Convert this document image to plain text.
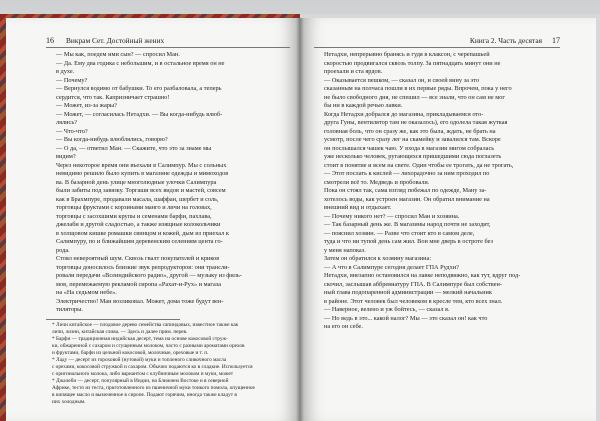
16	Викрам Сет. Достойный жених

— Мы как, поедем ими сын? — спросил Ман.

— Да. Ему два годика с небольшим, и в остальное время он не

в духе.

— Почему?

— Вернулся водимо от бабушки. То его разбаловала, а теперь

сердится, что так. Капризничает страшно!

— Может, из-за жары?

— Может, — согласилась Нетадхи. — Вы когда-нибудь влюб-

лялись?

— Что-что?

— Вы когда-нибудь влюблялись, говорю?

— О да, — ответил Ман. — Скажите, что это за знаме мы

видим?

Через некоторое время они въехали в Салимпур. Мы с сольных

невидимо решило было купить в магазине одежды и мимоходов

ва. В базарной день улице многолюдные улочки Салимпура

были забиты под завязку. Торгаши всех видов и мастей, совсем

как в Брахмпуре, продавали масала, шаффан, шербет и соль,

торговцы фруктами с корзинами манго и личи на головах,

торговцы с засохшими крупы и семенами барфи, пахлава,

джелаби и другой сладостью, а также изящные колокольчики

в холщовом кишке ромашки свинцом и кожей, дым из приехал к

Салимпуру, по и ближайшим деревенским селениям цента го-

рода.

Стоял невероятный шум. Сквозь гвалт покупателей и криков

торговцы доносилось близкие звук репродукторов: они трансли-

ровали передачи «Всеиндийского радио», другой — музыку из филь-

мов, перемежаемую рекламой сиропа «Рахат-и-Рух» и магаза

на «На седьмом небе».

Электричество! Ман возликовал. Может, дома тоже будут вен-

тиляторы.

* Личи китайское — плодовое дерево семейства сапиндовых, известное также как
личи, лизни, китайская слива. — Здесь и далее прим. перев.
* Барфи — традиционная индийская десерт, тема на основе кокосовой струж-
ки, обжаренной с сахаром и сгущенным молоком, часто с разными ароматами орехов
и фруктами, барфи из цельной кокосовой, молочные, ореховые и т. п.
* Ладу — десерт из гороховой (нутовой) муки и топленого сливочного масла
с орехами, кокосовой стружкой и сахаром. Обычно подаются ко в сладкие. Используется
с оригинального молока, либо вариантом с клубничным молоком и муки, может
* Джалеби — десерт, популярный в Индии, на Ближнем Востоке и в северной
Африке, тесто из теста, приготовленного из пшеничной муки тонкого помола, опущенное
в кипящее масло и вымоченное в сиропе. Подают горячим, иногда также кладут в
них холодным.
Книга 2. Часть десятая	17

Нетадхи, непрерывно бранясь и гудя в клаксон, с черепашьей

скоростью продвигался сквозь толпу. За пятнадцать минут они не

проехали и ста ярдов.

— Оказывается пешком, — сказал он, и своей вину за это

сказанным на полчаса пошли в их первые ряды. Впрочем, пока у него

не было свободного дня, не спешил — все знали, что он сам не мог

бы ни в каждой речью лавки.

Когда Нетадхи добрался до магазина, прикладываемся ото-

друга Гуны, вентилятор там не оказалось), его одолела такая жуткая

головная боль, что он сразу же, как это была, ждать, не брать на

усмотр, после чего сразу лег на скамейку и завалился там. Вскоре

он послышался чашек чаю. У входа в магазин мигом собралась

уже несколько человек, ругающихся пришедшими сюда поглазеть

стоит в понятие и всем на свете. Один чтобы ее трогать, да не трогать,

— Этот послать к кислей — лихорадочно за ним проходил по

смотрели всё то. Медведь и пробовали.

Пока он стоял так, сама взгляд побежал по одежде, Ману за-

хотелось воды, как устроен магазин. Он обратил внимание на

внешний вид и отдыхает.

— Почему никого нет? — спросил Ман и хозяина.

— Так базарный день же. В магазины народ почти не заходит,

— пояснил хозяин. — Разве что стоит кто в самом деле,

туда и что ни тупой день сам жил. Вон мне дверь в остроте без

у меня напоказ.

Затем он обратился к хозяину магазина:

— А что в Салимпуре сегодня делает ГПА Рудхи?

Нетадхи, внезапно остановился на лавке неподвижно, как тут, вдруг под-

скочил, заслышав аббревиатуру ГПА. В Салимпуре был собствен-

ный глава подопаренной администрации — мелкий начальник

в районе. Этот человек был человеком в кресле тем, кто всех знал.

— Наверное, велено и уж бойтесь, — сказал я.

— Но ведь в это... какой налог? Мы — это сказал он! как что

на его он себе.
